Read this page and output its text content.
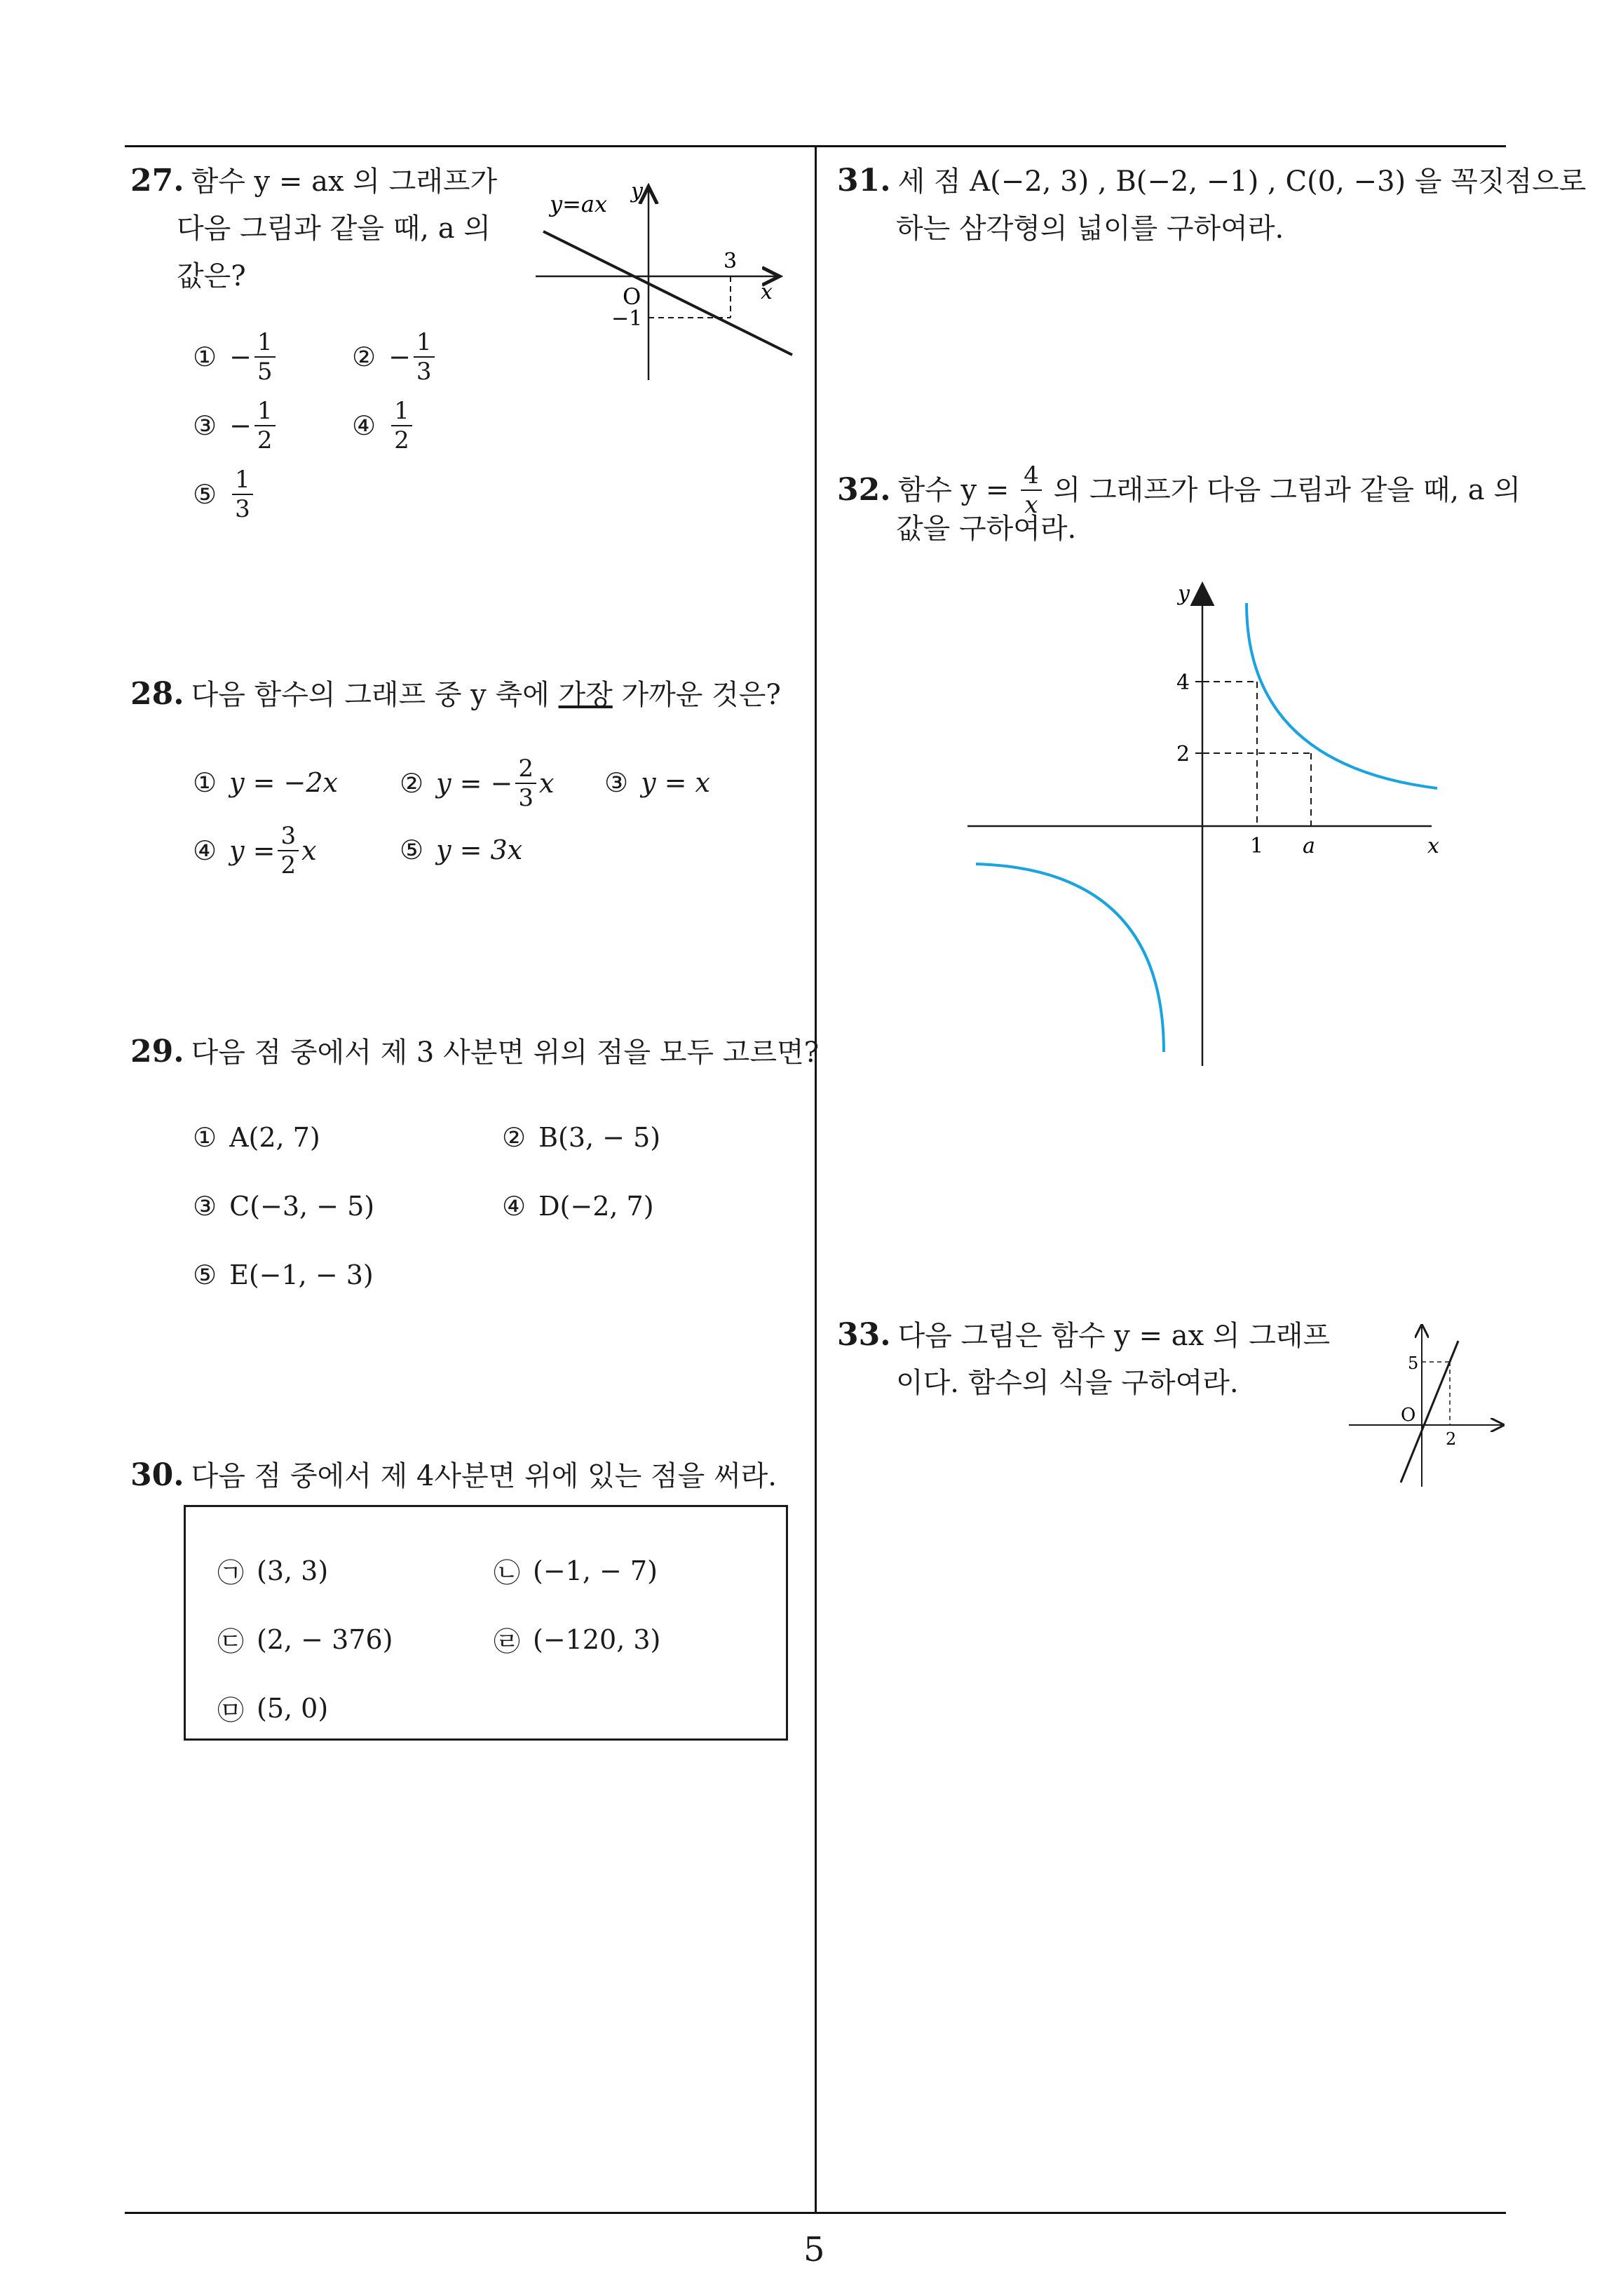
5
27. 함수 y = ax 의 그래프가
다음 그림과 같을 때, a 의
값은?
y=ax y
x
O
3
−1
① − $\frac{1}{5}$	② − $\frac{1}{3}$
③ − $\frac{1}{2}$	④ $\frac{1}{2}$
⑤ $\frac{1}{3}$
28. 다음 함수의 그래프 중 y 축에 가장 가까운 것은?
① y = −2x ② y = − $\frac{2}{3}$ x ③ y = x
④ $y = \frac{3}{2}$ x	⑤ y = 3x
29. 다음 점 중에서 제 3 사분면 위의 점을 모두 고르면?
① A(2, 7)	② B(3, − 5)
③ C(−3, − 5)	④ D(−2, 7)
⑤ E(−1, − 3)
30. 다음 점 중에서 제 4사분면 위에 있는 점을 써라.
㉠ (3, 3)	㉡ (−1, − 7)
㉢ (2, − 376)	㉣ (−120, 3)
㉤ (5, 0)
31. 세 점 A(−2, 3) , B(−2, −1) , C(0, −3) 을 꼭짓점으로
하는 삼각형의 넓이를 구하여라.
32. 함수 $y = \frac{4}{x}$ 의 그래프가 다음 그림과 같을 때, a 의
값을 구하여라.
y
x
4
2
1 a
33. 다음 그림은 함수 y = ax 의 그래프
이다. 함수의 식을 구하여라.
O
5
2
